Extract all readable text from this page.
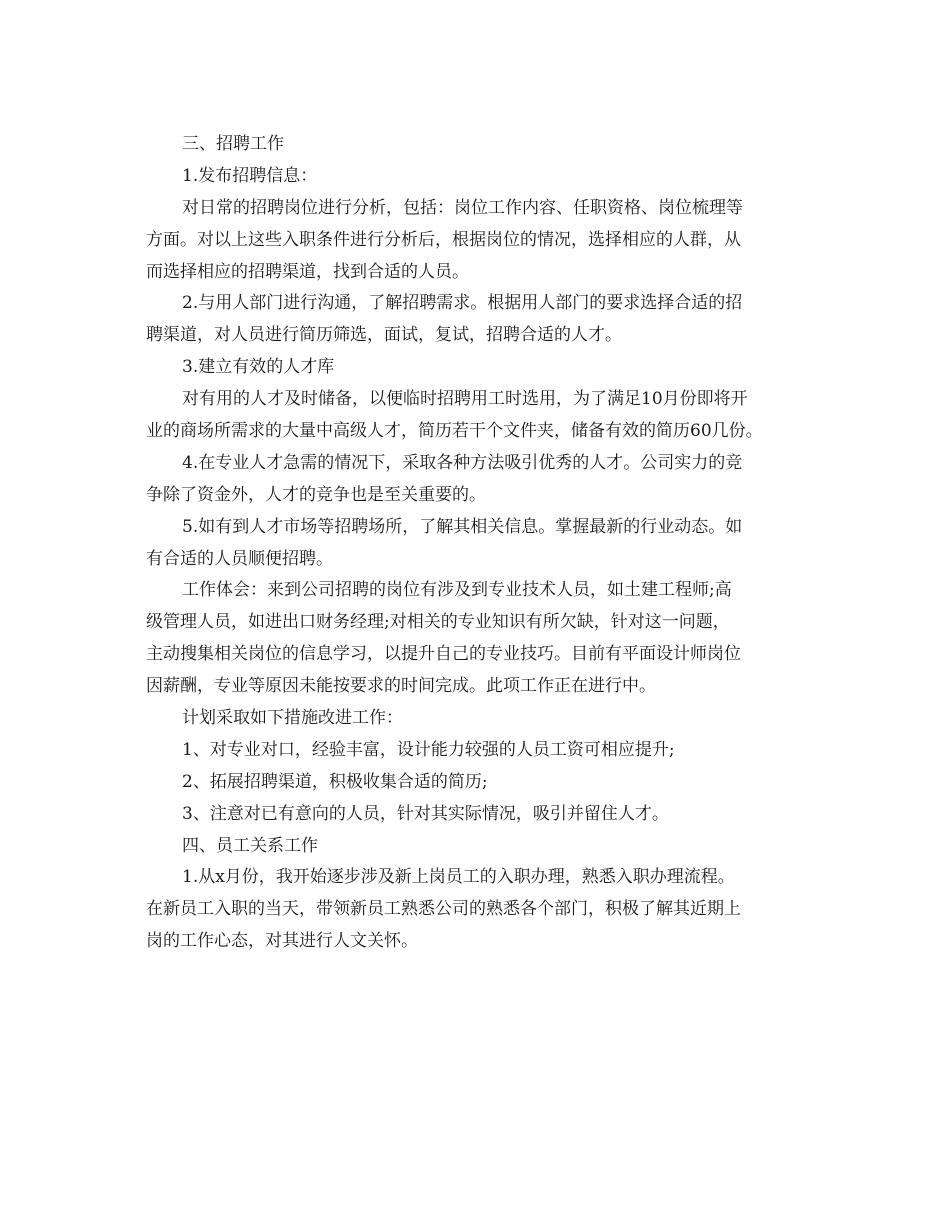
三、招聘工作
1.发布招聘信息：
对日常的招聘岗位进行分析，包括：岗位工作内容、任职资格、岗位梳理等
方面。对以上这些入职条件进行分析后，根据岗位的情况，选择相应的人群，从
而选择相应的招聘渠道，找到合适的人员。
2.与用人部门进行沟通，了解招聘需求。根据用人部门的要求选择合适的招
聘渠道，对人员进行简历筛选，面试，复试，招聘合适的人才。
3.建立有效的人才库
对有用的人才及时储备，以便临时招聘用工时选用，为了满足10月份即将开
业的商场所需求的大量中高级人才，简历若干个文件夹，储备有效的简历60几份。
4.在专业人才急需的情况下，采取各种方法吸引优秀的人才。公司实力的竞
争除了资金外，人才的竞争也是至关重要的。
5.如有到人才市场等招聘场所，了解其相关信息。掌握最新的行业动态。如
有合适的人员顺便招聘。
工作体会：来到公司招聘的岗位有涉及到专业技术人员，如土建工程师;高
级管理人员，如进出口财务经理;对相关的专业知识有所欠缺，针对这一问题，
主动搜集相关岗位的信息学习，以提升自己的专业技巧。目前有平面设计师岗位
因薪酬，专业等原因未能按要求的时间完成。此项工作正在进行中。
计划采取如下措施改进工作：
1、对专业对口，经验丰富，设计能力较强的人员工资可相应提升;
2、拓展招聘渠道，积极收集合适的简历;
3、注意对已有意向的人员，针对其实际情况，吸引并留住人才。
四、员工关系工作
1.从x月份，我开始逐步涉及新上岗员工的入职办理，熟悉入职办理流程。
在新员工入职的当天，带领新员工熟悉公司的熟悉各个部门，积极了解其近期上
岗的工作心态，对其进行人文关怀。
